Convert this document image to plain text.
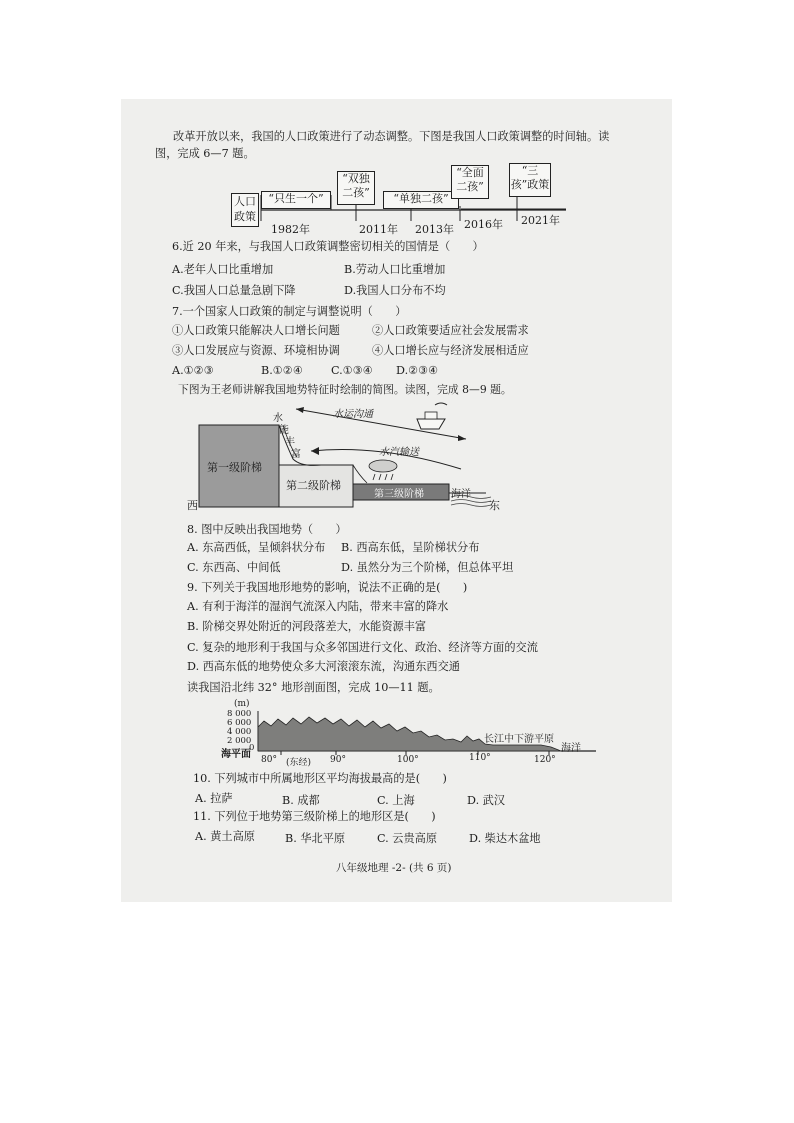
改革开放以来，我国的人口政策进行了动态调整。下图是我国人口政策调整的时间轴。读
图，完成 6—7 题。
人口政策
“只生一个”
“双独二孩”	“单独二孩”
“全面二孩”
“三孩”政策
1982年	2011年 2013年 2016年 2021年
6.近 20 年来，与我国人口政策调整密切相关的国情是（　　）
A.老年人口比重增加	B.劳动人口比重增加
C.我国人口总量急剧下降	D.我国人口分布不均
7.一个国家人口政策的制定与调整说明（　　）
①人口政策只能解决人口增长问题	②人口政策要适应社会发展需求
③人口发展应与资源、环境相协调	④人口增长应与经济发展相适应
A.①②③	B.①②④	C.①③④ D.②③④
下图为王老师讲解我国地势特征时绘制的简图。读图，完成 8—9 题。
第一级阶梯
第二级阶梯
第三级阶梯	海洋
西	东
水
能
丰
富
水运沟通
水汽输送
8. 图中反映出我国地势（　　）
A. 东高西低，呈倾斜状分布 B. 西高东低，呈阶梯状分布
C. 东西高、中间低	D. 虽然分为三个阶梯，但总体平坦
9. 下列关于我国地形地势的影响，说法不正确的是(　　)
A. 有利于海洋的湿润气流深入内陆，带来丰富的降水
B. 阶梯交界处附近的河段落差大，水能资源丰富
C. 复杂的地形利于我国与众多邻国进行文化、政治、经济等方面的交流
D. 西高东低的地势使众多大河滚滚东流，沟通东西交通
读我国沿北纬 32° 地形剖面图，完成 10—11 题。
(m)
8 000
6 000
4 000
2 000
0
海平面
长江中下游平原
海洋
80° (东经) 90°	100°	110°	120°
10. 下列城市中所属地形区平均海拔最高的是(　　)
A. 拉萨	B. 成都	C. 上海	D. 武汉
11. 下列位于地势第三级阶梯上的地形区是(　　)
A. 黄土高原	B. 华北平原	C. 云贵高原	D. 柴达木盆地
八年级地理 -2- (共 6 页)
